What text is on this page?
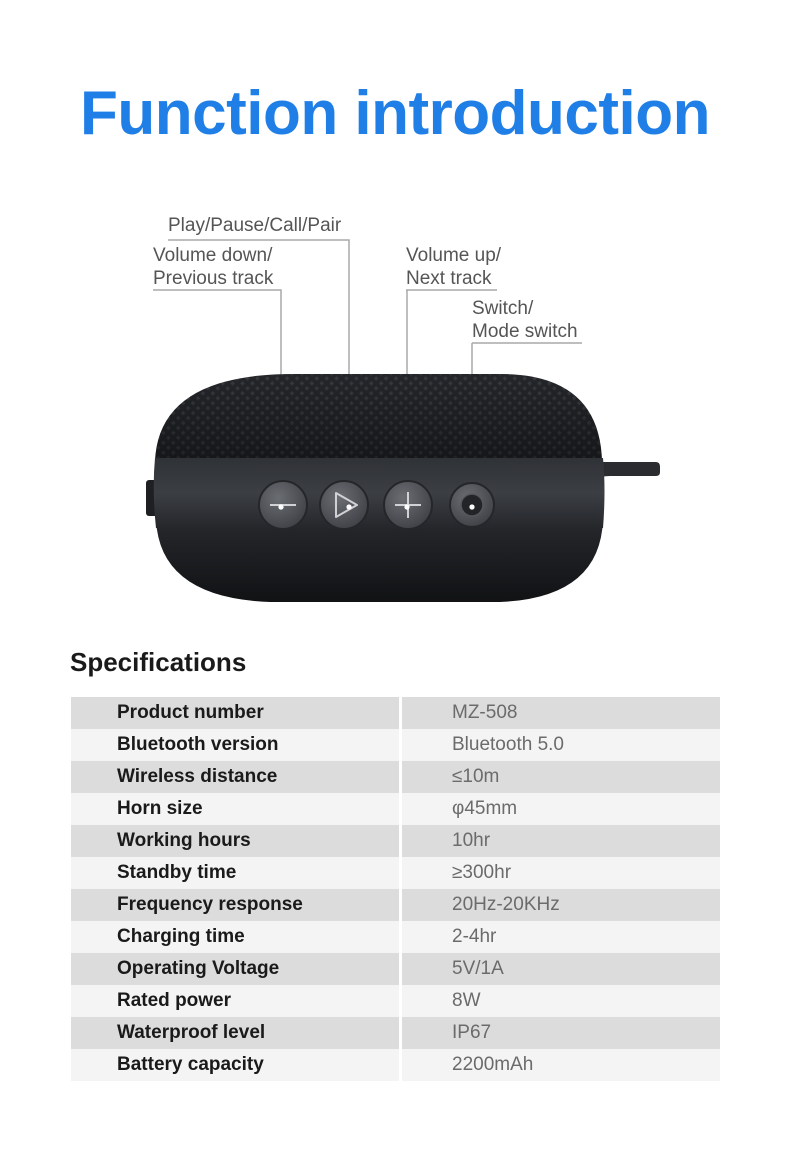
Function introduction
Play/Pause/Call/Pair
Volume down/
Previous track
Volume up/
Next track
Switch/
Mode switch
Specifications
Product number	MZ-508
Bluetooth version	Bluetooth 5.0
Wireless distance	≤10m
Horn size	φ45mm
Working hours	10hr
Standby time	≥300hr
Frequency response	20Hz-20KHz
Charging time	2-4hr
Operating Voltage	5V/1A
Rated power	8W
Waterproof level	IP67
Battery capacity	2200mAh
